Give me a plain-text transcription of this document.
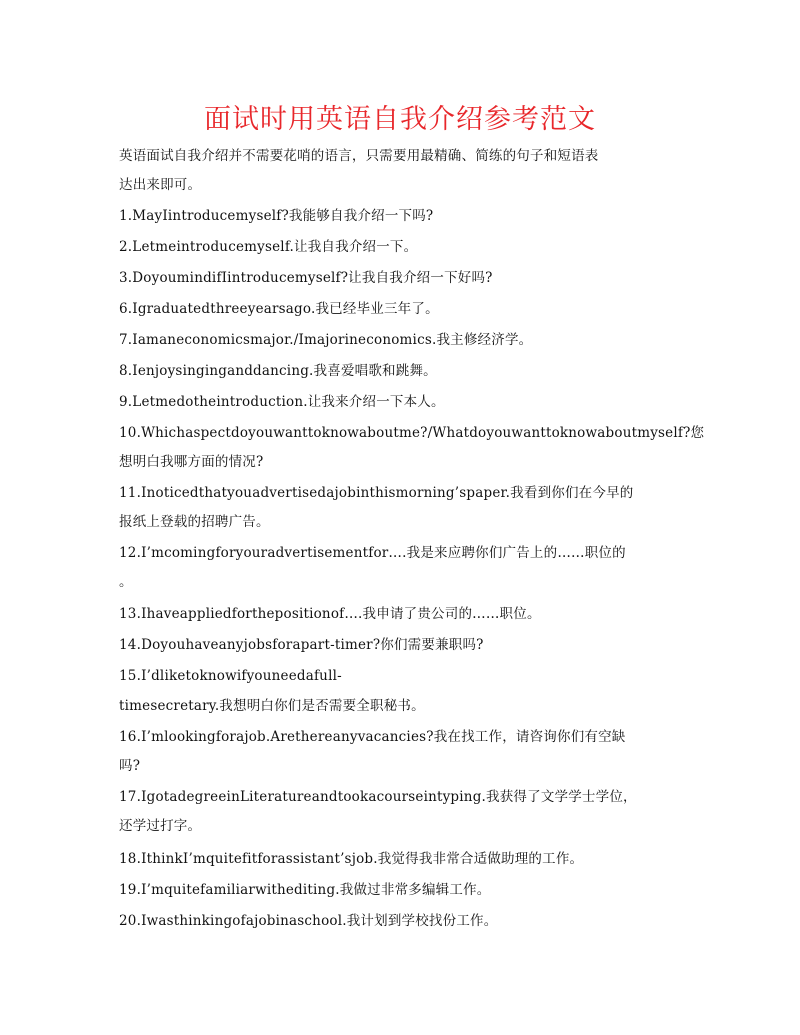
面试时用英语自我介绍参考范文
英语面试自我介绍并不需要花哨的语言，只需要用最精确、简练的句子和短语表
达出来即可。
1.MayIintroducemyself?我能够自我介绍一下吗?
2.Letmeintroducemyself.让我自我介绍一下。
3.DoyoumindifIintroducemyself?让我自我介绍一下好吗?
6.Igraduatedthreeyearsago.我已经毕业三年了。
7.Iamaneconomicsmajor./Imajorineconomics.我主修经济学。
8.Ienjoysinginganddancing.我喜爱唱歌和跳舞。
9.Letmedotheintroduction.让我来介绍一下本人。
10.Whichaspectdoyouwanttoknowaboutme?/Whatdoyouwanttoknowaboutmyself?您
想明白我哪方面的情况?
11.Inoticedthatyouadvertisedajobinthismorning’spaper.我看到你们在今早的
报纸上登载的招聘广告。
12.I’mcomingforyouradvertisementfor….我是来应聘你们广告上的……职位的
。
13.Ihaveappliedforthepositionof….我申请了贵公司的……职位。
14.Doyouhaveanyjobsforapart-timer?你们需要兼职吗?
15.I’dliketoknowifyouneedafull-
timesecretary.我想明白你们是否需要全职秘书。
16.I’mlookingforajob.Arethereanyvacancies?我在找工作，请咨询你们有空缺
吗?
17.IgotadegreeinLiteratureandtookacourseintyping.我获得了文学学士学位，
还学过打字。
18.IthinkI’mquitefitforassistant’sjob.我觉得我非常合适做助理的工作。
19.I’mquitefamiliarwithediting.我做过非常多编辑工作。
20.Iwasthinkingofajobinaschool.我计划到学校找份工作。
